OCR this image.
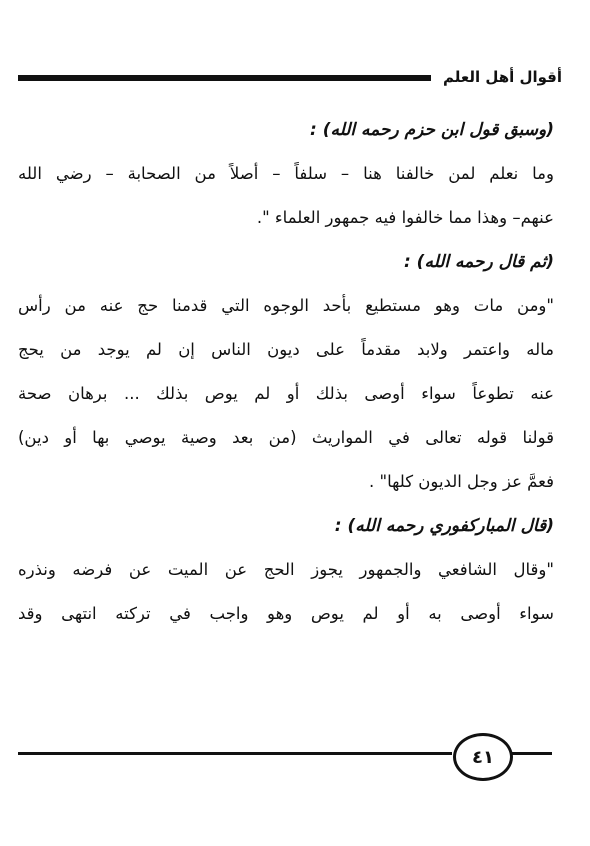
أقوال أهل العلم
(وسبق قول ابن حزم رحمه الله) :
وما نعلم لمن خالفنا هنا – سلفاً – أصلاً من الصحابة – رضي الله
عنهم– وهذا مما خالفوا فيه جمهور العلماء ".
(ثم قال رحمه الله) :
"ومن مات وهو مستطيع بأحد الوجوه التي قدمنا حج عنه من رأس
ماله واعتمر ولابد مقدماً على ديون الناس إن لم يوجد من يحج
عنه تطوعاً سواء أوصى بذلك أو لم يوص بذلك ... برهان صحة
قولنا قوله تعالى في المواريث (من بعد وصية يوصي بها أو دين)
فعمَّ عز وجل الديون كلها" .
(قال المباركفوري رحمه الله) :
"وقال الشافعي والجمهور يجوز الحج عن الميت عن فرضه ونذره
سواء أوصى به أو لم يوص وهو واجب في تركته انتهى وقد
٤١
